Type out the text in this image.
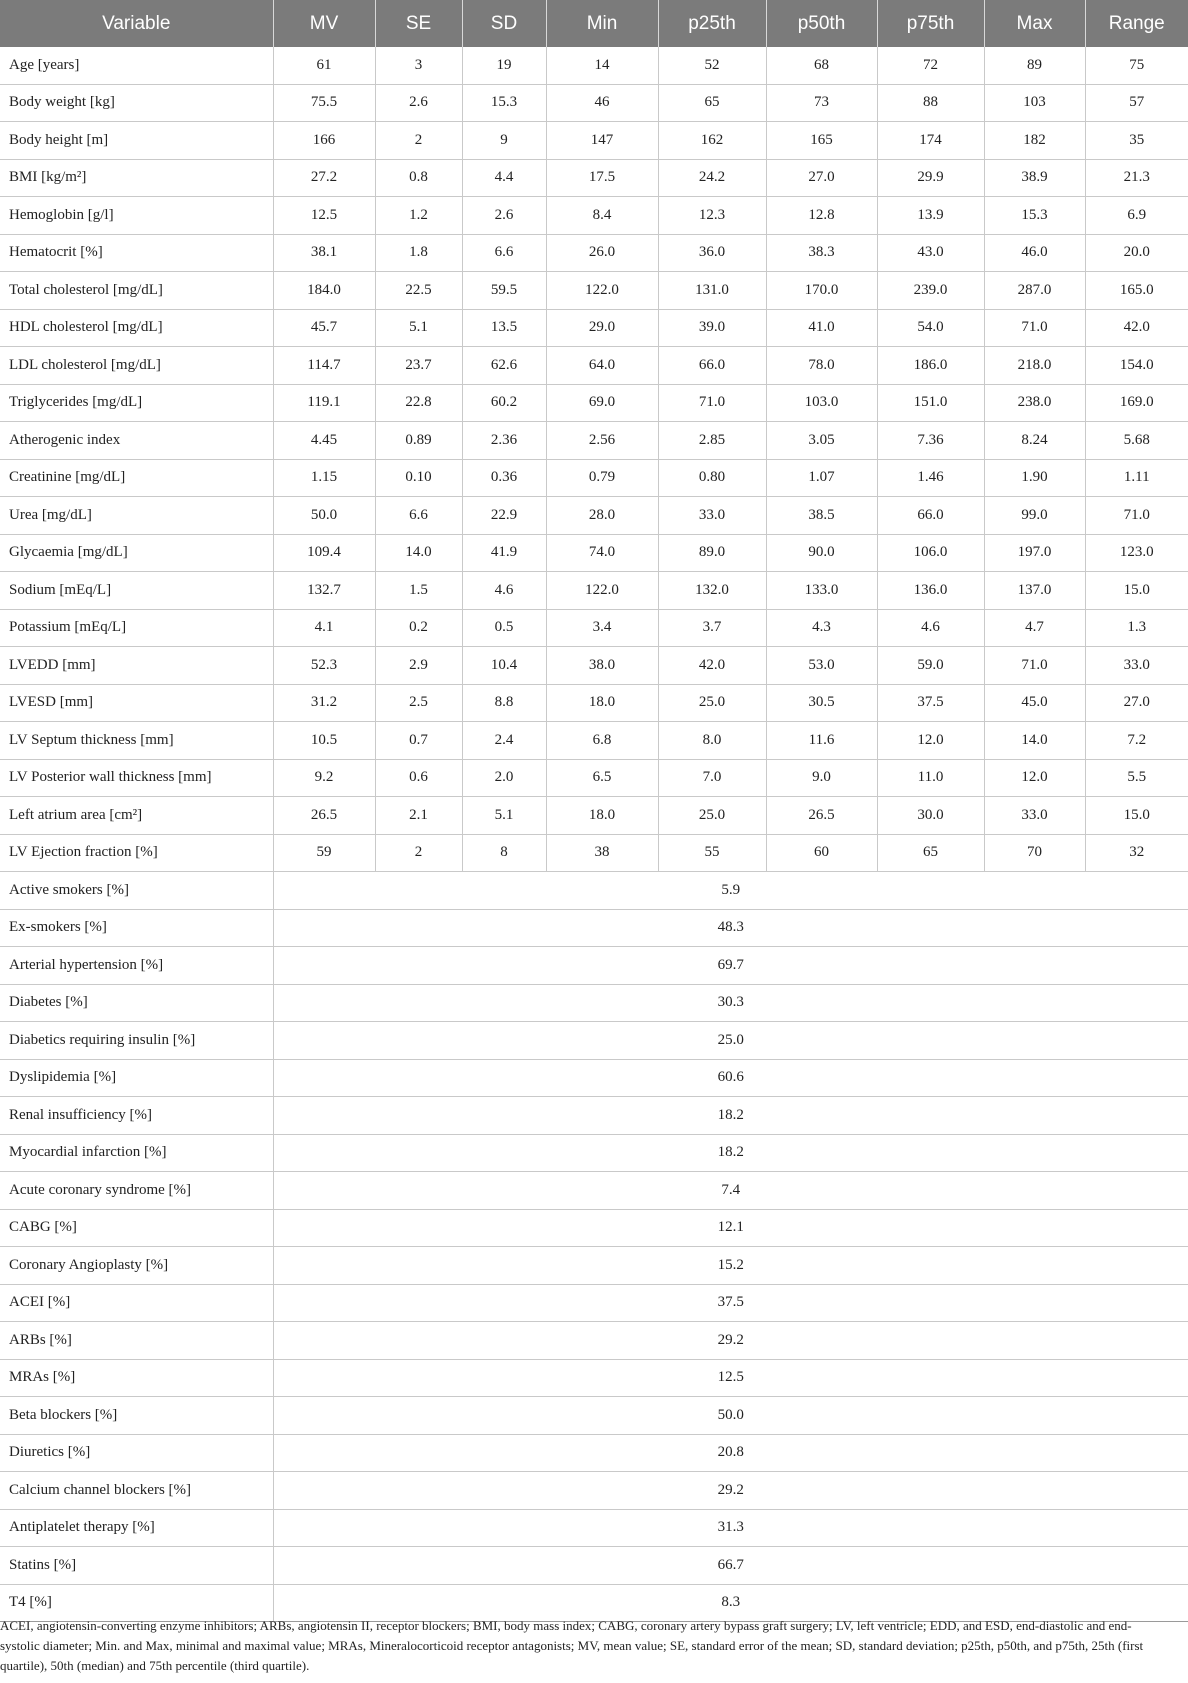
Variable	MV	SE	SD	Min	p25th	p50th	p75th	Max	Range
Age [years]	61	3	19	14	52	68	72	89	75
Body weight [kg]	75.5	2.6	15.3	46	65	73	88	103	57
Body height [m]	166	2	9	147	162	165	174	182	35
BMI [kg/m²]	27.2	0.8	4.4	17.5	24.2	27.0	29.9	38.9	21.3
Hemoglobin [g/l]	12.5	1.2	2.6	8.4	12.3	12.8	13.9	15.3	6.9
Hematocrit [%]	38.1	1.8	6.6	26.0	36.0	38.3	43.0	46.0	20.0
Total cholesterol [mg/dL]	184.0	22.5	59.5	122.0	131.0	170.0	239.0	287.0	165.0
HDL cholesterol [mg/dL]	45.7	5.1	13.5	29.0	39.0	41.0	54.0	71.0	42.0
LDL cholesterol [mg/dL]	114.7	23.7	62.6	64.0	66.0	78.0	186.0	218.0	154.0
Triglycerides [mg/dL]	119.1	22.8	60.2	69.0	71.0	103.0	151.0	238.0	169.0
Atherogenic index	4.45	0.89	2.36	2.56	2.85	3.05	7.36	8.24	5.68
Creatinine [mg/dL]	1.15	0.10	0.36	0.79	0.80	1.07	1.46	1.90	1.11
Urea [mg/dL]	50.0	6.6	22.9	28.0	33.0	38.5	66.0	99.0	71.0
Glycaemia [mg/dL]	109.4	14.0	41.9	74.0	89.0	90.0	106.0	197.0	123.0
Sodium [mEq/L]	132.7	1.5	4.6	122.0	132.0	133.0	136.0	137.0	15.0
Potassium [mEq/L]	4.1	0.2	0.5	3.4	3.7	4.3	4.6	4.7	1.3
LVEDD [mm]	52.3	2.9	10.4	38.0	42.0	53.0	59.0	71.0	33.0
LVESD [mm]	31.2	2.5	8.8	18.0	25.0	30.5	37.5	45.0	27.0
LV Septum thickness [mm]	10.5	0.7	2.4	6.8	8.0	11.6	12.0	14.0	7.2
LV Posterior wall thickness [mm]	9.2	0.6	2.0	6.5	7.0	9.0	11.0	12.0	5.5
Left atrium area [cm²]	26.5	2.1	5.1	18.0	25.0	26.5	30.0	33.0	15.0
LV Ejection fraction [%]	59	2	8	38	55	60	65	70	32
Active smokers [%]	5.9								
Ex-smokers [%]	48.3								
Arterial hypertension [%]	69.7								
Diabetes [%]	30.3								
Diabetics requiring insulin [%]	25.0								
Dyslipidemia [%]	60.6								
Renal insufficiency [%]	18.2								
Myocardial infarction [%]	18.2								
Acute coronary syndrome [%]	7.4								
CABG [%]	12.1								
Coronary Angioplasty [%]	15.2								
ACEI [%]	37.5								
ARBs [%]	29.2								
MRAs [%]	12.5								
Beta blockers [%]	50.0								
Diuretics [%]	20.8								
Calcium channel blockers [%]	29.2								
Antiplatelet therapy [%]	31.3								
Statins [%]	66.7								
T4 [%]	8.3								

ACEI, angiotensin-converting enzyme inhibitors; ARBs, angiotensin II, receptor blockers; BMI, body mass index; CABG, coronary artery bypass graft surgery; LV, left ventricle; EDD, and ESD, end-diastolic and end-systolic diameter; Min. and Max, minimal and maximal value; MRAs, Mineralocorticoid receptor antagonists; MV, mean value; SE, standard error of the mean; SD, standard deviation; p25th, p50th, and p75th, 25th (first quartile), 50th (median) and 75th percentile (third quartile).
